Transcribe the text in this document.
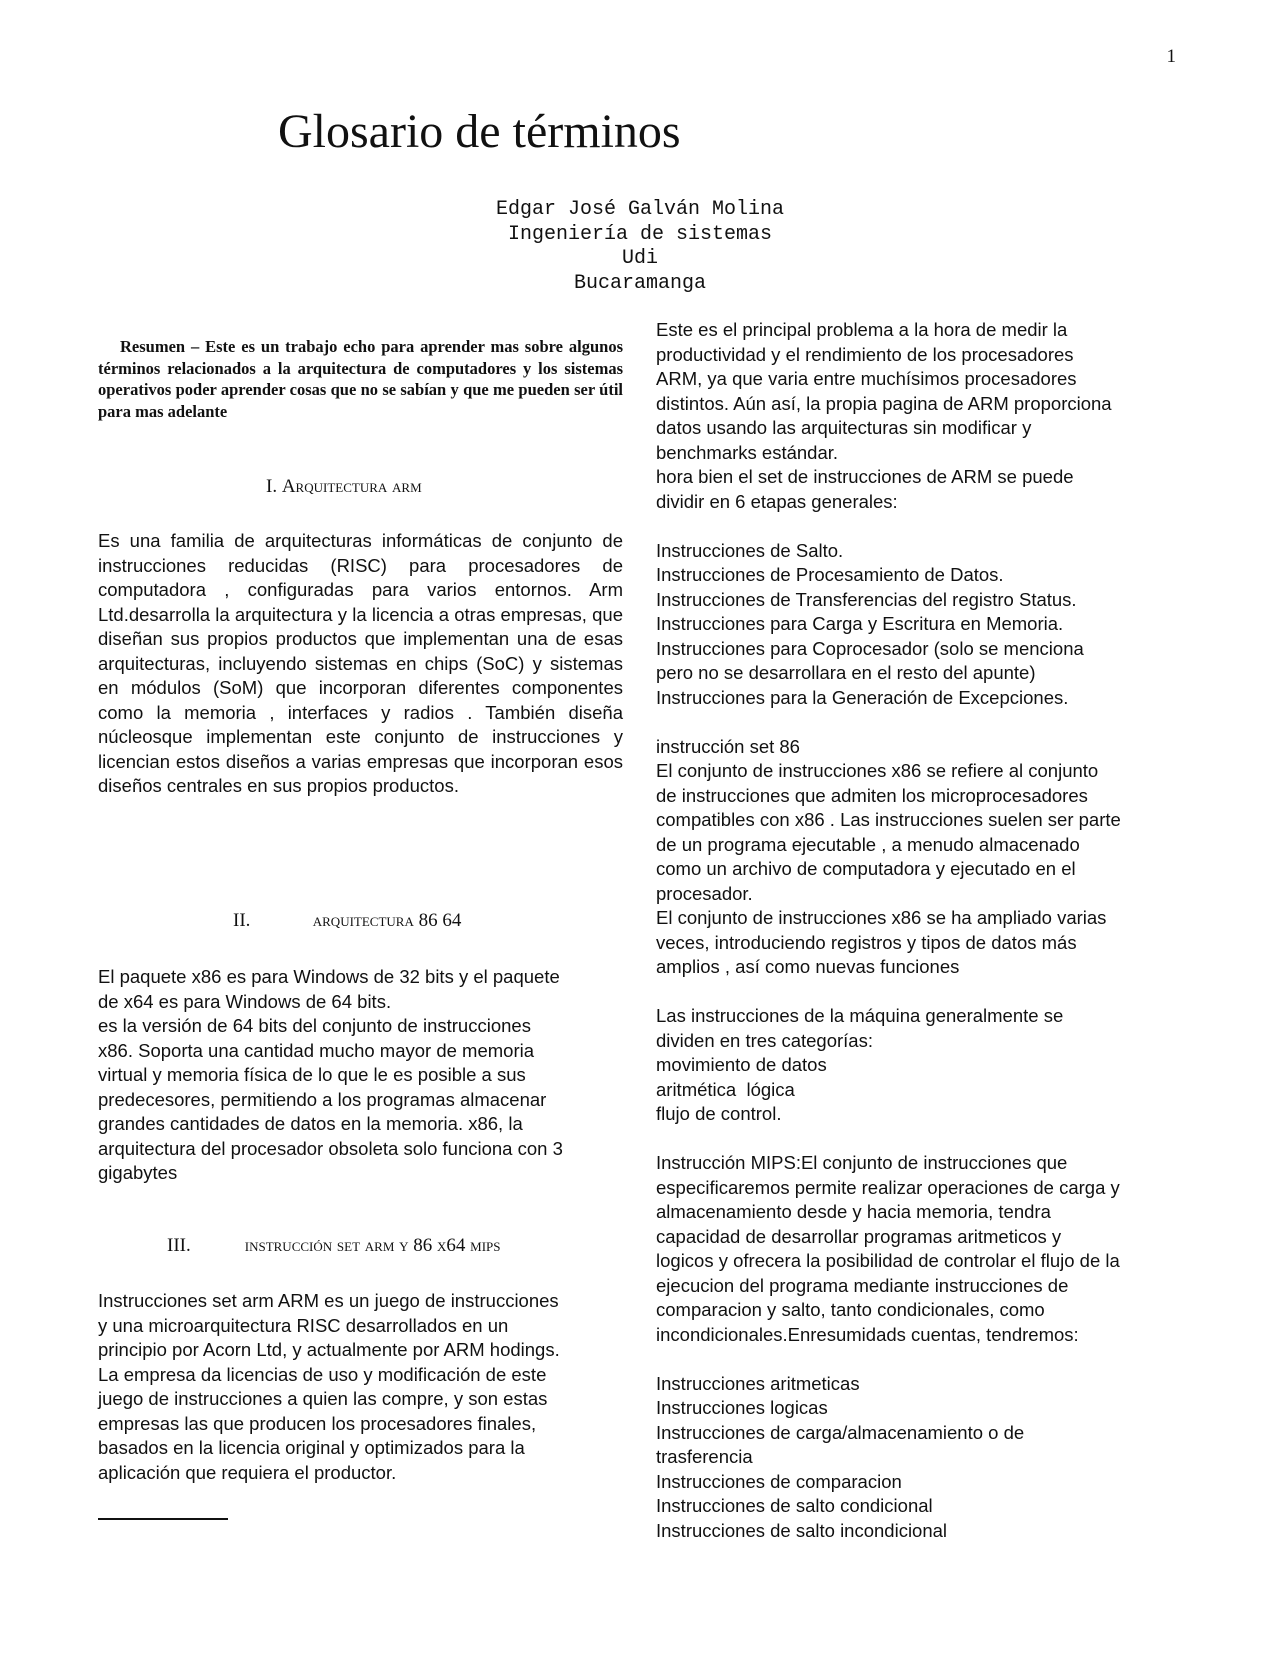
1
Glosario de términos
Edgar José Galván Molina
Ingeniería de sistemas
Udi
Bucaramanga
Resumen – Este es un trabajo echo para aprender mas sobre algunos términos relacionados a la arquitectura de computadores y los sistemas operativos poder aprender cosas que no se sabían y que me pueden ser útil para mas adelante
I. Arquitectura arm

Es una familia de arquitecturas informáticas de conjunto de instrucciones reducidas (RISC) para procesadores de computadora , configuradas para varios entornos. Arm Ltd.desarrolla la arquitectura y la licencia a otras empresas, que diseñan sus propios productos que implementan una de esas arquitecturas, incluyendo sistemas en chips (SoC) y sistemas en módulos (SoM) que incorporan diferentes componentes como la memoria , interfaces y radios . También diseña núcleosque implementan este conjunto de instrucciones y licencian estos diseños a varias empresas que incorporan esos diseños centrales en sus propios productos.

II.	arquitectura 86 64
El paquete x86 es para Windows de 32 bits y el paquete
de x64 es para Windows de 64 bits.
es la versión de 64 bits del conjunto de instrucciones
x86. Soporta una cantidad mucho mayor de memoria
virtual y memoria física de lo que le es posible a sus
predecesores, permitiendo a los programas almacenar
grandes cantidades de datos en la memoria. x86, la
arquitectura del procesador obsoleta solo funciona con 3
gigabytes
III.	instrucción set arm y 86 x64 mips
Instrucciones set arm ARM es un juego de instrucciones
y una microarquitectura RISC desarrollados en un
principio por Acorn Ltd, y actualmente por ARM hodings.
La empresa da licencias de uso y modificación de este
juego de instrucciones a quien las compre, y son estas
empresas las que producen los procesadores finales,
basados en la licencia original y optimizados para la
aplicación que requiera el productor.
Este es el principal problema a la hora de medir la
productividad y el rendimiento de los procesadores
ARM, ya que varia entre muchísimos procesadores
distintos. Aún así, la propia pagina de ARM proporciona
datos usando las arquitecturas sin modificar y
benchmarks estándar.
hora bien el set de instrucciones de ARM se puede
dividir en 6 etapas generales:

Instrucciones de Salto.
Instrucciones de Procesamiento de Datos.
Instrucciones de Transferencias del registro Status.
Instrucciones para Carga y Escritura en Memoria.
Instrucciones para Coprocesador (solo se menciona
pero no se desarrollara en el resto del apunte)
Instrucciones para la Generación de Excepciones.

instrucción set 86
El conjunto de instrucciones x86 se refiere al conjunto
de instrucciones que admiten los microprocesadores
compatibles con x86 . Las instrucciones suelen ser parte
de un programa ejecutable , a menudo almacenado
como un archivo de computadora y ejecutado en el
procesador.
El conjunto de instrucciones x86 se ha ampliado varias
veces, introduciendo registros y tipos de datos más
amplios , así como nuevas funciones

Las instrucciones de la máquina generalmente se
dividen en tres categorías:
movimiento de datos
aritmética  lógica
flujo de control.

Instrucción MIPS:El conjunto de instrucciones que
especificaremos permite realizar operaciones de carga y
almacenamiento desde y hacia memoria, tendra
capacidad de desarrollar programas aritmeticos y
logicos y ofrecera la posibilidad de controlar el flujo de la
ejecucion del programa mediante instrucciones de
comparacion y salto, tanto condicionales, como
incondicionales.Enresumidads cuentas, tendremos:

Instrucciones aritmeticas
Instrucciones logicas
Instrucciones de carga/almacenamiento o de
trasferencia
Instrucciones de comparacion
Instrucciones de salto condicional
Instrucciones de salto incondicional
